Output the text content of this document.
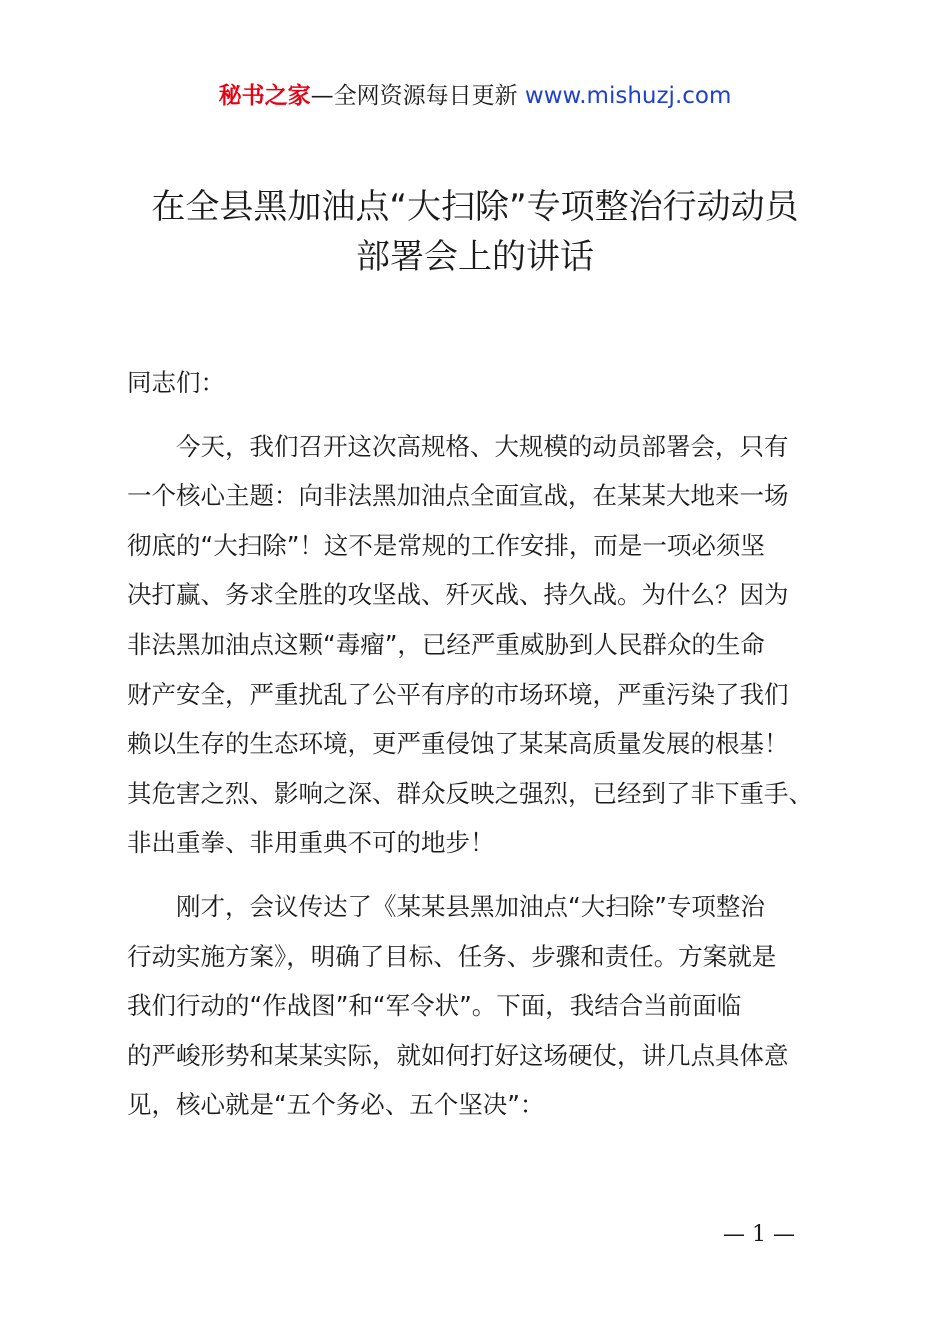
秘书之家—全网资源每日更新 www.mishuzj.com
在全县黑加油点“大扫除”专项整治行动动员
部署会上的讲话
同志们：
今天，我们召开这次高规格、大规模的动员部署会，只有
一个核心主题：向非法黑加油点全面宣战，在某某大地来一场
彻底的“大扫除”！这不是常规的工作安排，而是一项必须坚
决打赢、务求全胜的攻坚战、歼灭战、持久战。为什么？因为
非法黑加油点这颗“毒瘤”，已经严重威胁到人民群众的生命
财产安全，严重扰乱了公平有序的市场环境，严重污染了我们
赖以生存的生态环境，更严重侵蚀了某某高质量发展的根基！
其危害之烈、影响之深、群众反映之强烈，已经到了非下重手、
非出重拳、非用重典不可的地步！
刚才，会议传达了《某某县黑加油点“大扫除”专项整治
行动实施方案》，明确了目标、任务、步骤和责任。方案就是
我们行动的“作战图”和“军令状”。下面，我结合当前面临
的严峻形势和某某实际，就如何打好这场硬仗，讲几点具体意
见，核心就是“五个务必、五个坚决”：
— 1 —
